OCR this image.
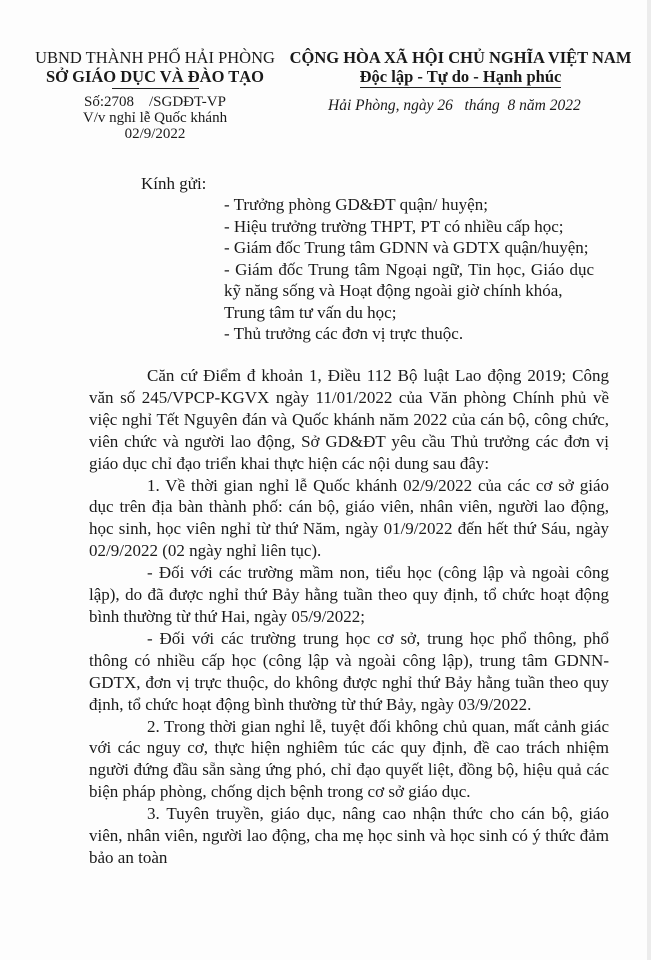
UBND THÀNH PHỐ HẢI PHÒNG
SỞ GIÁO DỤC VÀ ĐÀO TẠO
Số:2708    /SGDĐT-VP
V/v nghỉ lễ Quốc khánh
02/9/2022
CỘNG HÒA XÃ HỘI CHỦ NGHĨA VIỆT NAM
Độc lập - Tự do - Hạnh phúc
Hải Phòng, ngày 26   tháng  8 năm 2022
Kính gửi:
- Trưởng phòng GD&ĐT quận/ huyện;
- Hiệu trưởng trường THPT, PT có nhiều cấp học;
- Giám đốc Trung tâm GDNN và GDTX quận/huyện;
- Giám đốc Trung tâm Ngoại ngữ, Tin học, Giáo dục
kỹ năng sống và Hoạt động ngoài giờ chính khóa,
Trung tâm tư vấn du học;
- Thủ trưởng các đơn vị trực thuộc.

Căn cứ Điểm đ khoản 1, Điều 112 Bộ luật Lao động 2019; Công văn số 245/VPCP-KGVX ngày 11/01/2022 của Văn phòng Chính phủ về việc nghỉ Tết Nguyên đán và Quốc khánh năm 2022 của cán bộ, công chức, viên chức và người lao động, Sở GD&ĐT yêu cầu Thủ trưởng các đơn vị giáo dục chỉ đạo triển khai thực hiện các nội dung sau đây:

1. Về thời gian nghỉ lễ Quốc khánh 02/9/2022 của các cơ sở giáo dục trên địa bàn thành phố: cán bộ, giáo viên, nhân viên, người lao động, học sinh, học viên nghỉ từ thứ Năm, ngày 01/9/2022 đến hết thứ Sáu, ngày 02/9/2022 (02 ngày nghỉ liên tục).

- Đối với các trường mầm non, tiểu học (công lập và ngoài công lập), do đã được nghỉ thứ Bảy hằng tuần theo quy định, tổ chức hoạt động bình thường từ thứ Hai, ngày 05/9/2022;

- Đối với các trường trung học cơ sở, trung học phổ thông, phổ thông có nhiều cấp học (công lập và ngoài công lập), trung tâm GDNN-GDTX, đơn vị trực thuộc, do không được nghỉ thứ Bảy hằng tuần theo quy định, tổ chức hoạt động bình thường từ thứ Bảy, ngày 03/9/2022.

2. Trong thời gian nghỉ lễ, tuyệt đối không chủ quan, mất cảnh giác với các nguy cơ, thực hiện nghiêm túc các quy định, đề cao trách nhiệm người đứng đầu sẵn sàng ứng phó, chỉ đạo quyết liệt, đồng bộ, hiệu quả các biện pháp phòng, chống dịch bệnh trong cơ sở giáo dục.

3. Tuyên truyền, giáo dục, nâng cao nhận thức cho cán bộ, giáo viên, nhân viên, người lao động, cha mẹ học sinh và học sinh có ý thức đảm bảo an toàn
